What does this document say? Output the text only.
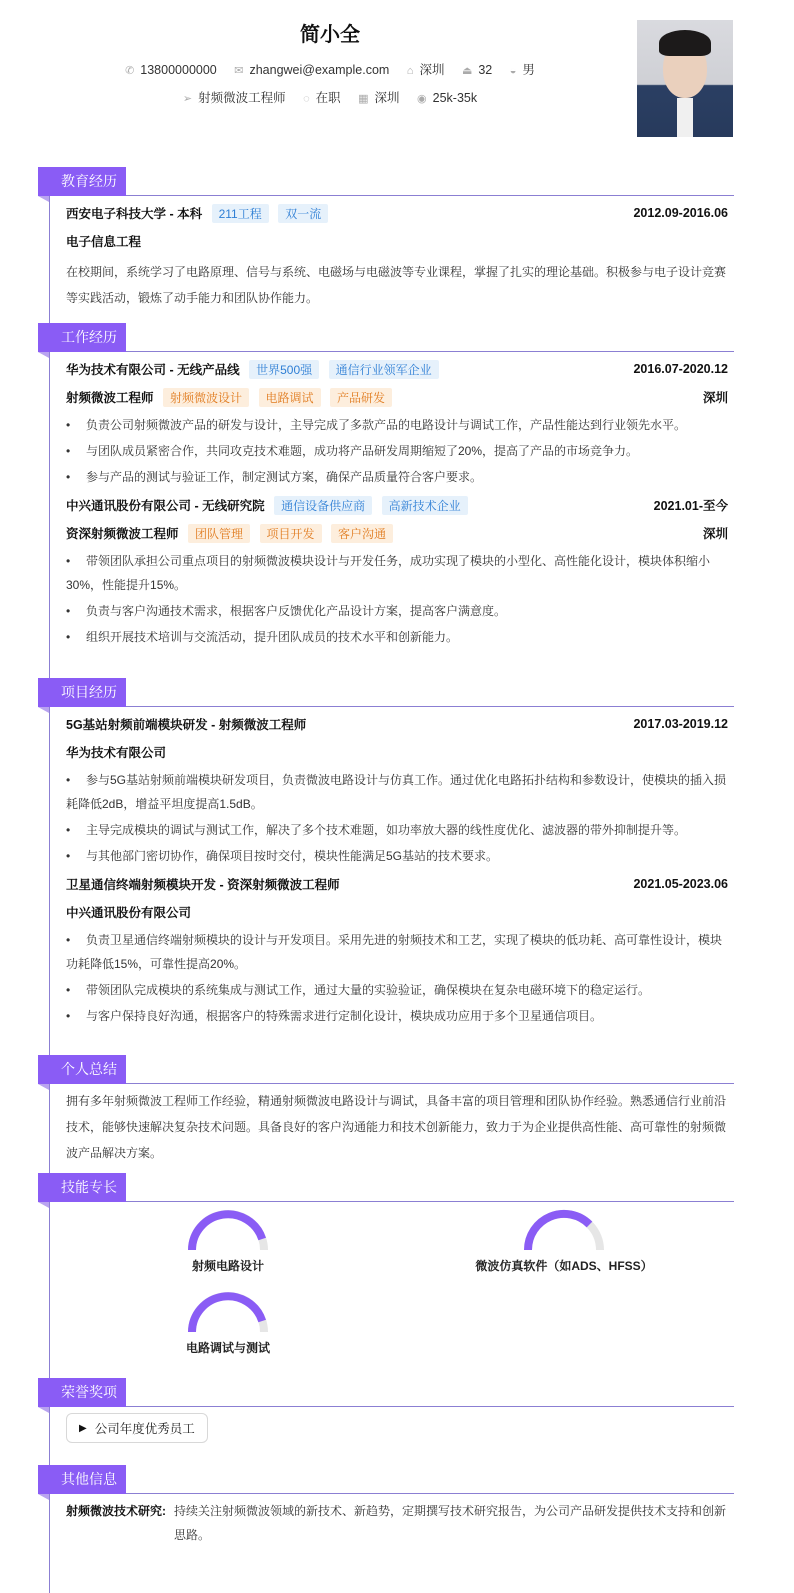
简小全
✆ 13800000000 ✉ zhangwei@example.com ⌂ 深圳 ⏏ 32 ◒ 男
➢ 射频微波工程师 ◌ 在职 ▦ 深圳 ◉ 25k-35k
教育经历
西安电子科技大学 - 本科 211工程 双一流	2012.09-2016.06
电子信息工程
在校期间，系统学习了电路原理、信号与系统、电磁场与电磁波等专业课程，掌握了扎实的理论基础。积极参与电子设计竞赛等实践活动，锻炼了动手能力和团队协作能力。
工作经历
华为技术有限公司 - 无线产品线 世界500强 通信行业领军企业	2016.07-2020.12
射频微波工程师 射频微波设计 电路调试 产品研发	深圳
• 负责公司射频微波产品的研发与设计，主导完成了多款产品的电路设计与调试工作，产品性能达到行业领先水平。
• 与团队成员紧密合作，共同攻克技术难题，成功将产品研发周期缩短了20%，提高了产品的市场竞争力。
• 参与产品的测试与验证工作，制定测试方案，确保产品质量符合客户要求。
中兴通讯股份有限公司 - 无线研究院 通信设备供应商 高新技术企业	2021.01-至今
资深射频微波工程师 团队管理 项目开发 客户沟通	深圳
• 带领团队承担公司重点项目的射频微波模块设计与开发任务，成功实现了模块的小型化、高性能化设计，模块体积缩小30%，性能提升15%。
• 负责与客户沟通技术需求，根据客户反馈优化产品设计方案，提高客户满意度。
• 组织开展技术培训与交流活动，提升团队成员的技术水平和创新能力。
项目经历
5G基站射频前端模块研发 - 射频微波工程师	2017.03-2019.12
华为技术有限公司
• 参与5G基站射频前端模块研发项目，负责微波电路设计与仿真工作。通过优化电路拓扑结构和参数设计，使模块的插入损耗降低2dB，增益平坦度提高1.5dB。
• 主导完成模块的调试与测试工作，解决了多个技术难题，如功率放大器的线性度优化、滤波器的带外抑制提升等。
• 与其他部门密切协作，确保项目按时交付，模块性能满足5G基站的技术要求。
卫星通信终端射频模块开发 - 资深射频微波工程师	2021.05-2023.06
中兴通讯股份有限公司
• 负责卫星通信终端射频模块的设计与开发项目。采用先进的射频技术和工艺，实现了模块的低功耗、高可靠性设计，模块功耗降低15%，可靠性提高20%。
• 带领团队完成模块的系统集成与测试工作，通过大量的实验验证，确保模块在复杂电磁环境下的稳定运行。
• 与客户保持良好沟通，根据客户的特殊需求进行定制化设计，模块成功应用于多个卫星通信项目。
个人总结
拥有多年射频微波工程师工作经验，精通射频微波电路设计与调试，具备丰富的项目管理和团队协作经验。熟悉通信行业前沿技术，能够快速解决复杂技术问题。具备良好的客户沟通能力和技术创新能力，致力于为企业提供高性能、高可靠性的射频微波产品解决方案。
技能专长
射频电路设计	微波仿真软件（如ADS、HFSS）
电路调试与测试
荣誉奖项
▶ 公司年度优秀员工
其他信息
射频微波技术研究: 持续关注射频微波领域的新技术、新趋势，定期撰写技术研究报告，为公司产品研发提供技术支持和创新思路。
